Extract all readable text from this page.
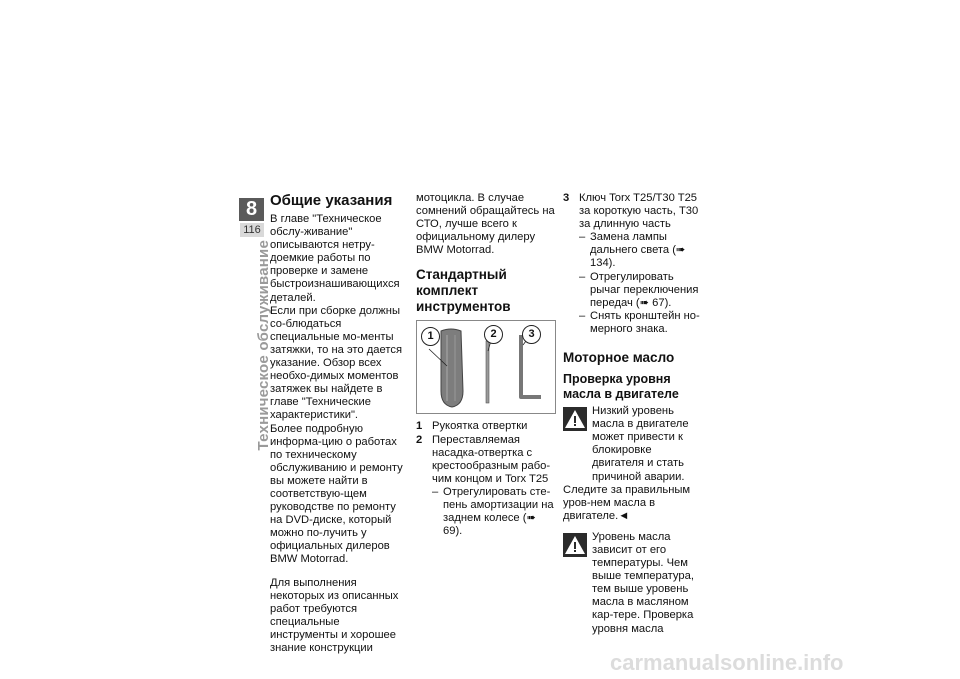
8
116
Техническое обслуживание
Общие указания

В главе "Техническое обслу-живание" описываются нетру-доемкие работы по проверке и замене быстроизнашивающихся деталей.

Если при сборке должны со-блюдаться специальные мо-менты затяжки, то на это дается указание. Обзор всех необхо-димых моментов затяжек вы найдете в главе "Технические характеристики".

Более подробную информа-цию о работах по техническому обслуживанию и ремонту вы можете найти в соответствую-щем руководстве по ремонту на DVD-диске, который можно по-лучить у официальных дилеров BMW Motorrad.

Для выполнения некоторых из описанных работ требуются специальные инструменты и хорошее знание конструкции

мотоцикла. В случае сомнений обращайтесь на СТО, лучше всего к официальному дилеру BMW Motorrad.

Стандартный комплект инструментов
1	2	3
1 Рукоятка отвертки
2 Переставляемая насадка-отвертка с крестообразным рабо-чим концом и Torx T25
– Отрегулировать сте-пень амортизации на заднем колесе (➠ 69).
3 Ключ Torx T25/T30 T25 за короткую часть, T30 за длинную часть
– Замена лампы дальнего света (➠ 134).
– Отрегулировать рычаг переключения передач (➠ 67).
– Снять кронштейн но-мерного знака.
Моторное масло
Проверка уровня масла в двигателе

Низкий уровень масла в двигателе может привести к блокировке двигателя и стать причиной аварии.

Следите за правильным уров-нем масла в двигателе.◄

Уровень масла зависит от его температуры. Чем выше температура, тем выше уровень масла в масляном кар-тере. Проверка уровня масла

carmanualsonline.info
